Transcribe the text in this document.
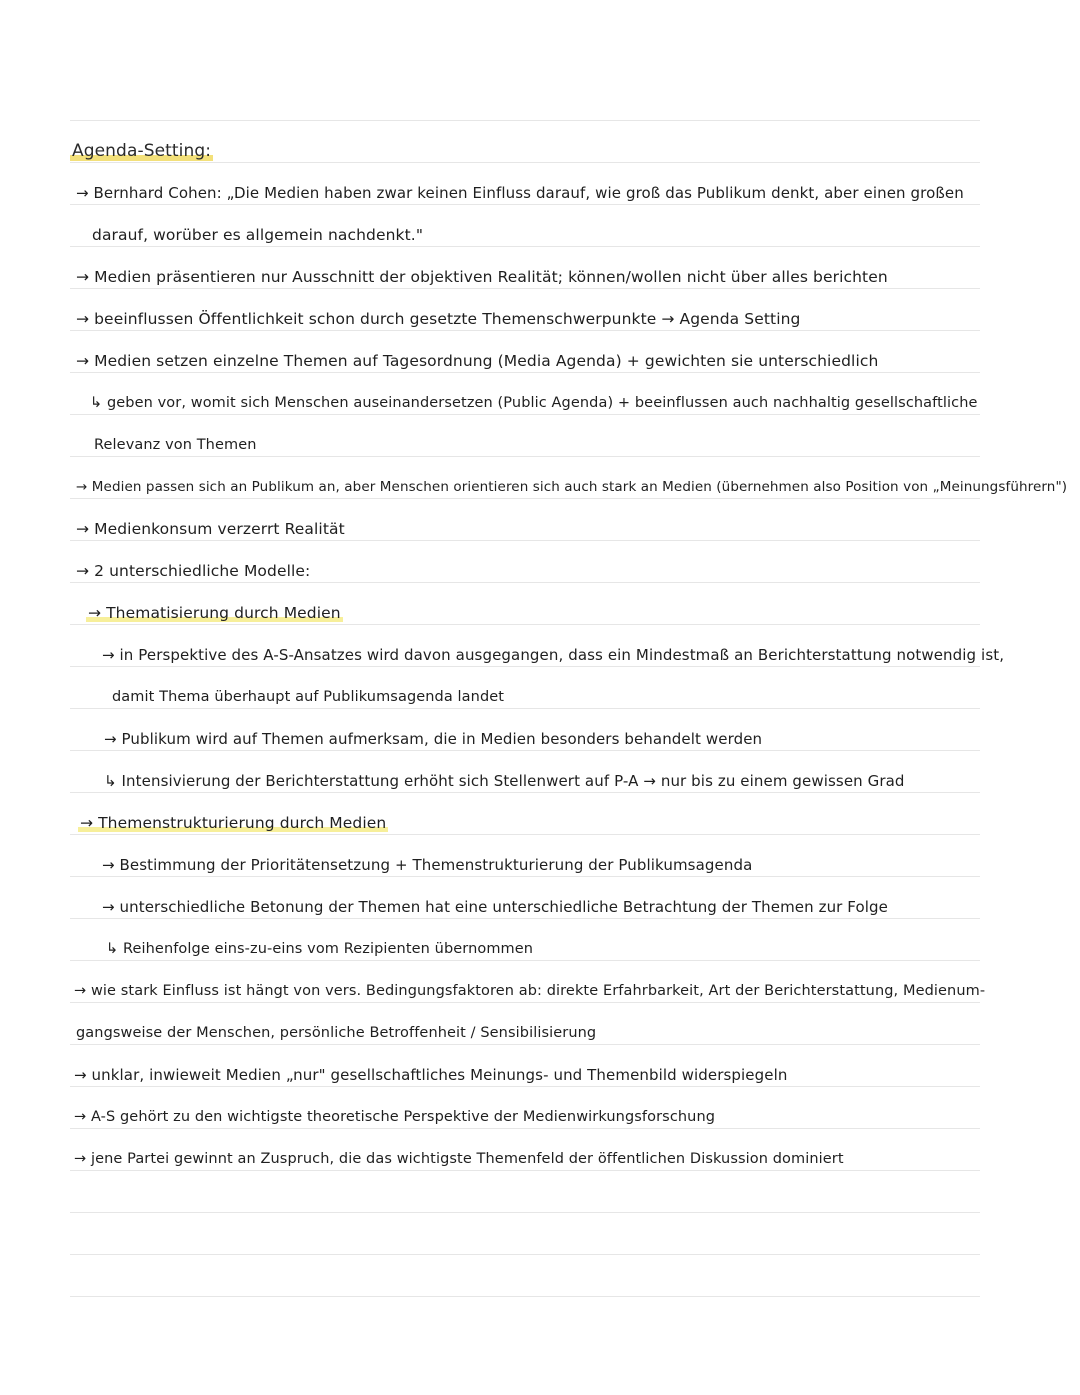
Agenda-Setting:
→ Bernhard Cohen: „Die Medien haben zwar keinen Einfluss darauf, wie groß das Publikum denkt, aber einen großen
darauf, worüber es allgemein nachdenkt."
→ Medien präsentieren nur Ausschnitt der objektiven Realität; können/wollen nicht über alles berichten
→ beeinflussen Öffentlichkeit schon durch gesetzte Themenschwerpunkte → Agenda Setting
→ Medien setzen einzelne Themen auf Tagesordnung (Media Agenda) + gewichten sie unterschiedlich
↳ geben vor, womit sich Menschen auseinandersetzen (Public Agenda) + beeinflussen auch nachhaltig gesellschaftliche
Relevanz von Themen
→ Medien passen sich an Publikum an, aber Menschen orientieren sich auch stark an Medien (übernehmen also Position von „Meinungsführern")
→ Medienkonsum verzerrt Realität
→ 2 unterschiedliche Modelle:
→ Thematisierung durch Medien
→ in Perspektive des A-S-Ansatzes wird davon ausgegangen, dass ein Mindestmaß an Berichterstattung notwendig ist,
damit Thema überhaupt auf Publikumsagenda landet
→ Publikum wird auf Themen aufmerksam, die in Medien besonders behandelt werden
↳ Intensivierung der Berichterstattung erhöht sich Stellenwert auf P-A → nur bis zu einem gewissen Grad
→ Themenstrukturierung durch Medien
→ Bestimmung der Prioritätensetzung + Themenstrukturierung der Publikumsagenda
→ unterschiedliche Betonung der Themen hat eine unterschiedliche Betrachtung der Themen zur Folge
↳ Reihenfolge eins-zu-eins vom Rezipienten übernommen
→ wie stark Einfluss ist hängt von vers. Bedingungsfaktoren ab: direkte Erfahrbarkeit, Art der Berichterstattung, Medienum-
gangsweise der Menschen, persönliche Betroffenheit / Sensibilisierung
→ unklar, inwieweit Medien „nur" gesellschaftliches Meinungs- und Themenbild widerspiegeln
→ A-S gehört zu den wichtigste theoretische Perspektive der Medienwirkungsforschung
→ jene Partei gewinnt an Zuspruch, die das wichtigste Themenfeld der öffentlichen Diskussion dominiert
